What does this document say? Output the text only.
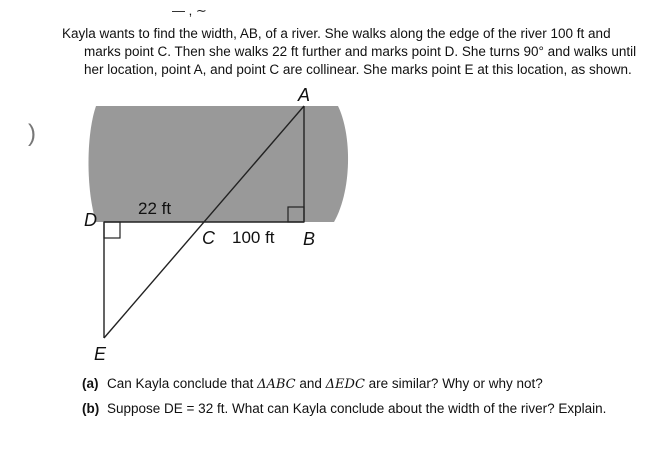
— , ∼
Kayla wants to find the width, AB, of a river. She walks along the edge of the river 100 ft and
marks point C. Then she walks 22 ft further and marks point D. She turns 90° and walks until
her location, point A, and point C are collinear. She marks point E at this location, as shown.
)
A
B
C
D
E
22 ft
100 ft
(a) Can Kayla conclude that ΔABC and ΔEDC are similar? Why or why not?
(b) Suppose DE = 32 ft. What can Kayla conclude about the width of the river? Explain.
